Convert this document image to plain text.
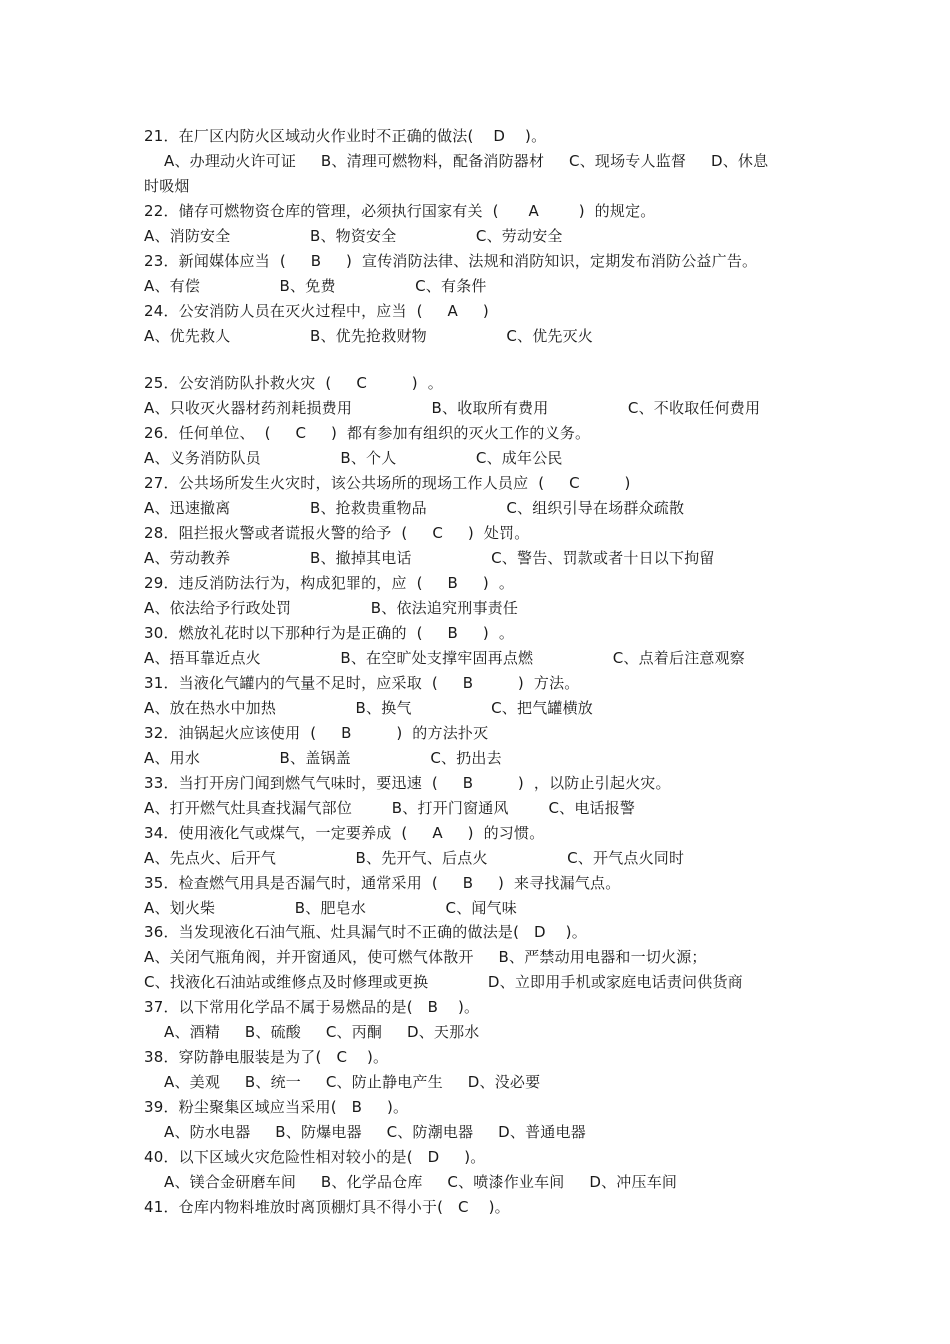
21．在厂区内防火区域动火作业时不正确的做法(    D    )。
A、办理动火许可证     B、清理可燃物料，配备消防器材     C、现场专人监督     D、休息
时吸烟
22．储存可燃物资仓库的管理，必须执行国家有关  (      A        )  的规定。
A、消防安全                B、物资安全                C、劳动安全
23．新闻媒体应当  (     B     )  宣传消防法律、法规和消防知识，定期发布消防公益广告。
A、有偿                B、免费                C、有条件
24．公安消防人员在灭火过程中，应当  (     A     )
A、优先救人                B、优先抢救财物                C、优先灭火
25．公安消防队扑救火灾  (     C         )  。
A、只收灭火器材药剂耗损费用                B、收取所有费用                C、不收取任何费用
26．任何单位、  (     C     )  都有参加有组织的灭火工作的义务。
A、义务消防队员                B、个人                C、成年公民
27．公共场所发生火灾时，该公共场所的现场工作人员应  (     C         )
A、迅速撤离                B、抢救贵重物品                C、组织引导在场群众疏散
28．阻拦报火警或者谎报火警的给予  (     C     )  处罚。
A、劳动教养                B、撤掉其电话                C、警告、罚款或者十日以下拘留
29．违反消防法行为，构成犯罪的，应  (     B     )  。
A、依法给予行政处罚                B、依法追究刑事责任
30．燃放礼花时以下那种行为是正确的  (     B     )  。
A、捂耳靠近点火                B、在空旷处支撑牢固再点燃                C、点着后注意观察
31．当液化气罐内的气量不足时，应采取  (     B         )  方法。
A、放在热水中加热                B、换气                C、把气罐横放
32．油锅起火应该使用  (     B         )  的方法扑灭
A、用水                B、盖锅盖                C、扔出去
33．当打开房门闻到燃气气味时，要迅速  (     B         )  ，以防止引起火灾。
A、打开燃气灶具查找漏气部位        B、打开门窗通风        C、电话报警
34．使用液化气或煤气，一定要养成  (     A     )  的习惯。
A、先点火、后开气                B、先开气、后点火                C、开气点火同时
35．检查燃气用具是否漏气时，通常采用  (     B     )  来寻找漏气点。
A、划火柴                B、肥皂水                C、闻气味
36．当发现液化石油气瓶、灶具漏气时不正确的做法是(   D    )。
A、关闭气瓶角阀，并开窗通风，使可燃气体散开     B、严禁动用电器和一切火源；
C、找液化石油站或维修点及时修理或更换            D、立即用手机或家庭电话责问供货商
37．以下常用化学品不属于易燃品的是(   B    )。
A、酒精     B、硫酸     C、丙酮     D、天那水
38．穿防静电服装是为了(   C    )。
A、美观     B、统一     C、防止静电产生     D、没必要
39．粉尘聚集区域应当采用(   B     )。
A、防水电器     B、防爆电器     C、防潮电器     D、普通电器
40．以下区域火灾危险性相对较小的是(   D     )。
A、镁合金研磨车间     B、化学品仓库     C、喷漆作业车间     D、冲压车间
41．仓库内物料堆放时离顶棚灯具不得小于(   C    )。
